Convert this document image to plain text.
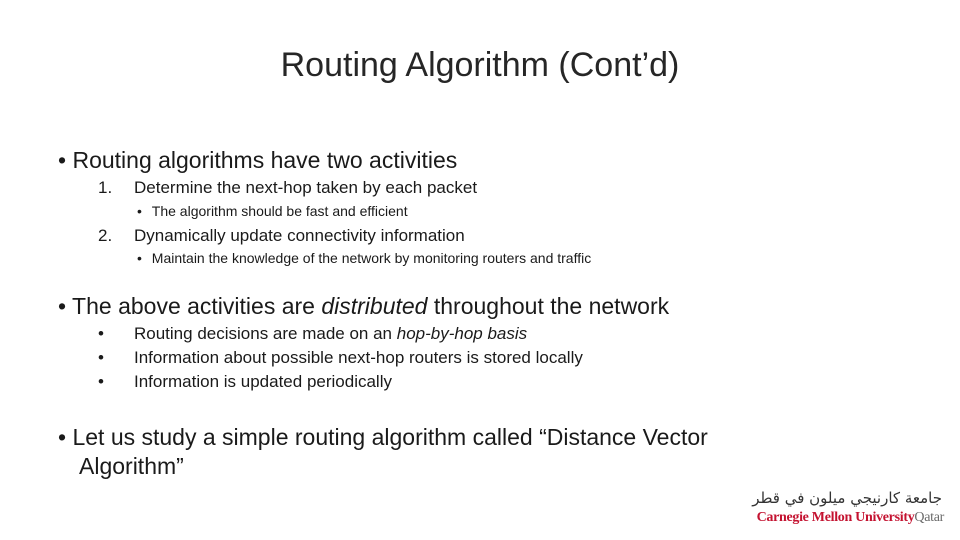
Routing Algorithm (Cont’d)
• Routing algorithms have two activities
1. Determine the next-hop taken by each packet
• The algorithm should be fast and efficient
2. Dynamically update connectivity information
• Maintain the knowledge of the network by monitoring routers and traffic
• The above activities are distributed throughout the network
• Routing decisions are made on an hop-by-hop basis
• Information about possible next-hop routers is stored locally
• Information is updated periodically
• Let us study a simple routing algorithm called “Distance Vector
Algorithm”
جامعة كارنيجي ميلون في قطر
Carnegie Mellon UniversityQatar
